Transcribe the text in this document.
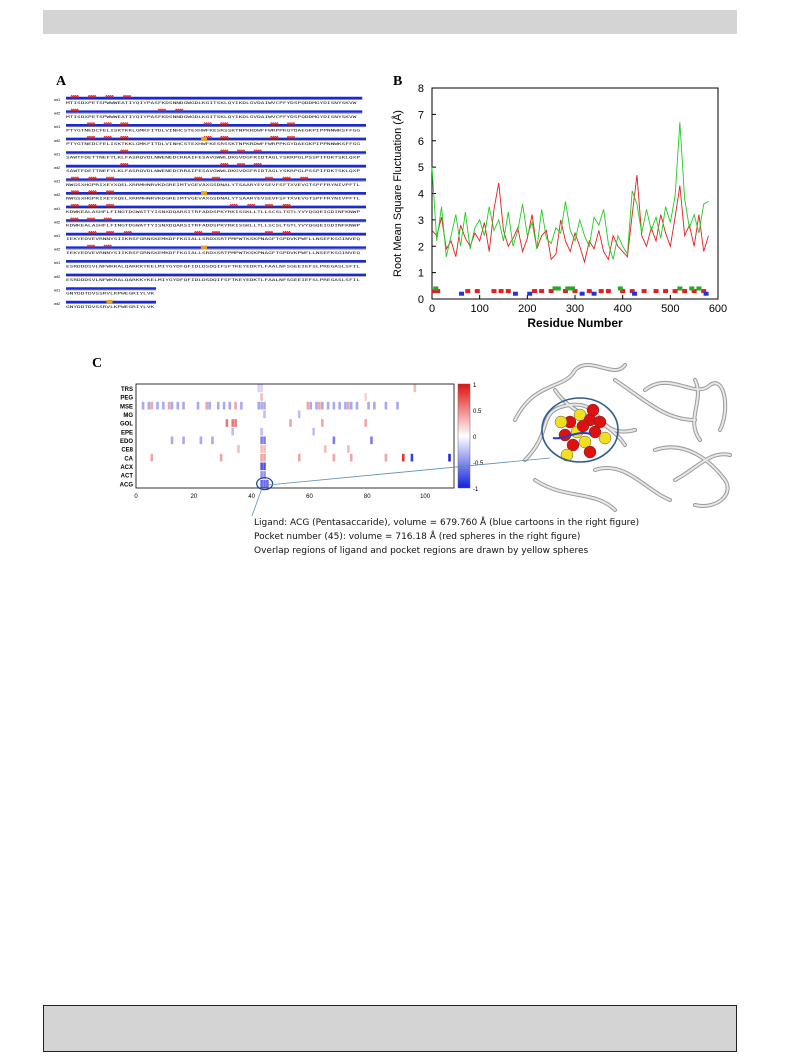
A
wt1
MTISDXPETSPWWWEATIYQIYPASFKDSNNDGWGDLKGITSKLQYIKDLGVDAIWVCPFYDSPQDDMGYDISNYSKVW
wt2
MTISDXPETSPWWWEATIYQIYPASFKDSNNDGWGDLKGITSKLQYIKDLGVDAIWVCPFYDSPQDDMGYDISNYSKVW
wt1
PTYGTNEDCFELISKTKKLGMKFITDLVINHCSTEXHWFKESRSSKTNPKRDWFFWRPPKGYDAEGKPIPPNNWKSFFGG
wt2
PTYGTNEDCFELISKTKKLGMKFITDLVINHCSTEXHWFKESRSSKTNPKRDWFFWRPPKGYDAEGKPIPPNNWKSFFGG
wt1
SAWTFDETTNEFYLKLFASRQVDLNWENEDCRRAIFESAVGWWLDKGVDGFRIDTAGLYSKRPGLPSSPIFDKTSKLQXP
wt2
SAWTFDETTNEFYLKLFASRQVDLNWENEDCRRAIFESAVGWWLDKGVDGFRIDTAGLYSKRPGLPSSPIFDKTSKLQXP
wt1
NWGSXHGPRIXEYXQELXRRMHNRVKDGREIMTVGEVAXGSDNALYTSAARYEVSEVFSFTXVEVGTSPFFRYNIVPFTL
wt2
NWGSXHGPRIXEYXQELXRRMHNRVKDGREIMTVGEVAXGSDNALYTSAARYEVSEVFSFTXVEVGTSPFFRYNIVPFTL
wt1
KDWKEALASHFLFINGTDGWATTYISNXDQARSITRFADDSPKYRKISGKLLTLLSCSLTGTLYVYQGQEIGDINFKNWP
wt2
KDWKEALASHFLFINGTDGWATTYISNXDQARSITRFADDSPKYRKISGKLLTLLSCSLTGTLYVYQGQEIGDINFKNWP
wt1
IEKYEDVEVRNNYSIIKRSFGRNSKEMKDFFKGIALLSRDXSRTPMPWTKSKPNAGFTGPDVKPWFLLNSEFKSGINVEQ
wt2
IEKYEDVEVRNNYSIIKRSFGRNSKEMKDFFKGIALLSRDXSRTPMPWTKSKPNAGFTGPDVKPWFLLNSEFKSGINVEQ
wt1
ESRDDDSVLNFWKRALQARKKYKELMIYGYDFQFIDLDSDQIFSFTKEYEDKTLFAALNFSGEEIEFSLPREGASLSFIL
wt2
ESRDDDSVLNFWKRALQARKKYKELMIYGYDFQFIDLDSDQIFSFTKEYEDKTLFAALNFSGEEIEFSLPREGASLSFIL
wt1
GNYDDTDVSSRVLKPWEGRIYLVK
wt2
GNYDDTDVSSRVLKPWEGRIYLVK
B
0	100	200	300	400	500	600
0
1
2
3
4
5
6
7
8
Residue Number
Root Mean Square Fluctuation (Å)
C
TRS
PEG
MSE
MG
GOL
EPE
EDO
CE8
CA
ACX
ACT
ACG
0	20	40	60	80	100
1
0.5
0
-0.5
-1
Ligand: ACG (Pentasaccaride), volume = 679.760 Å (blue cartoons in the right figure)
Pocket number (45): volume = 716.18 Å (red spheres in the right figure)
Overlap regions of ligand and pocket regions are drawn by yellow spheres
